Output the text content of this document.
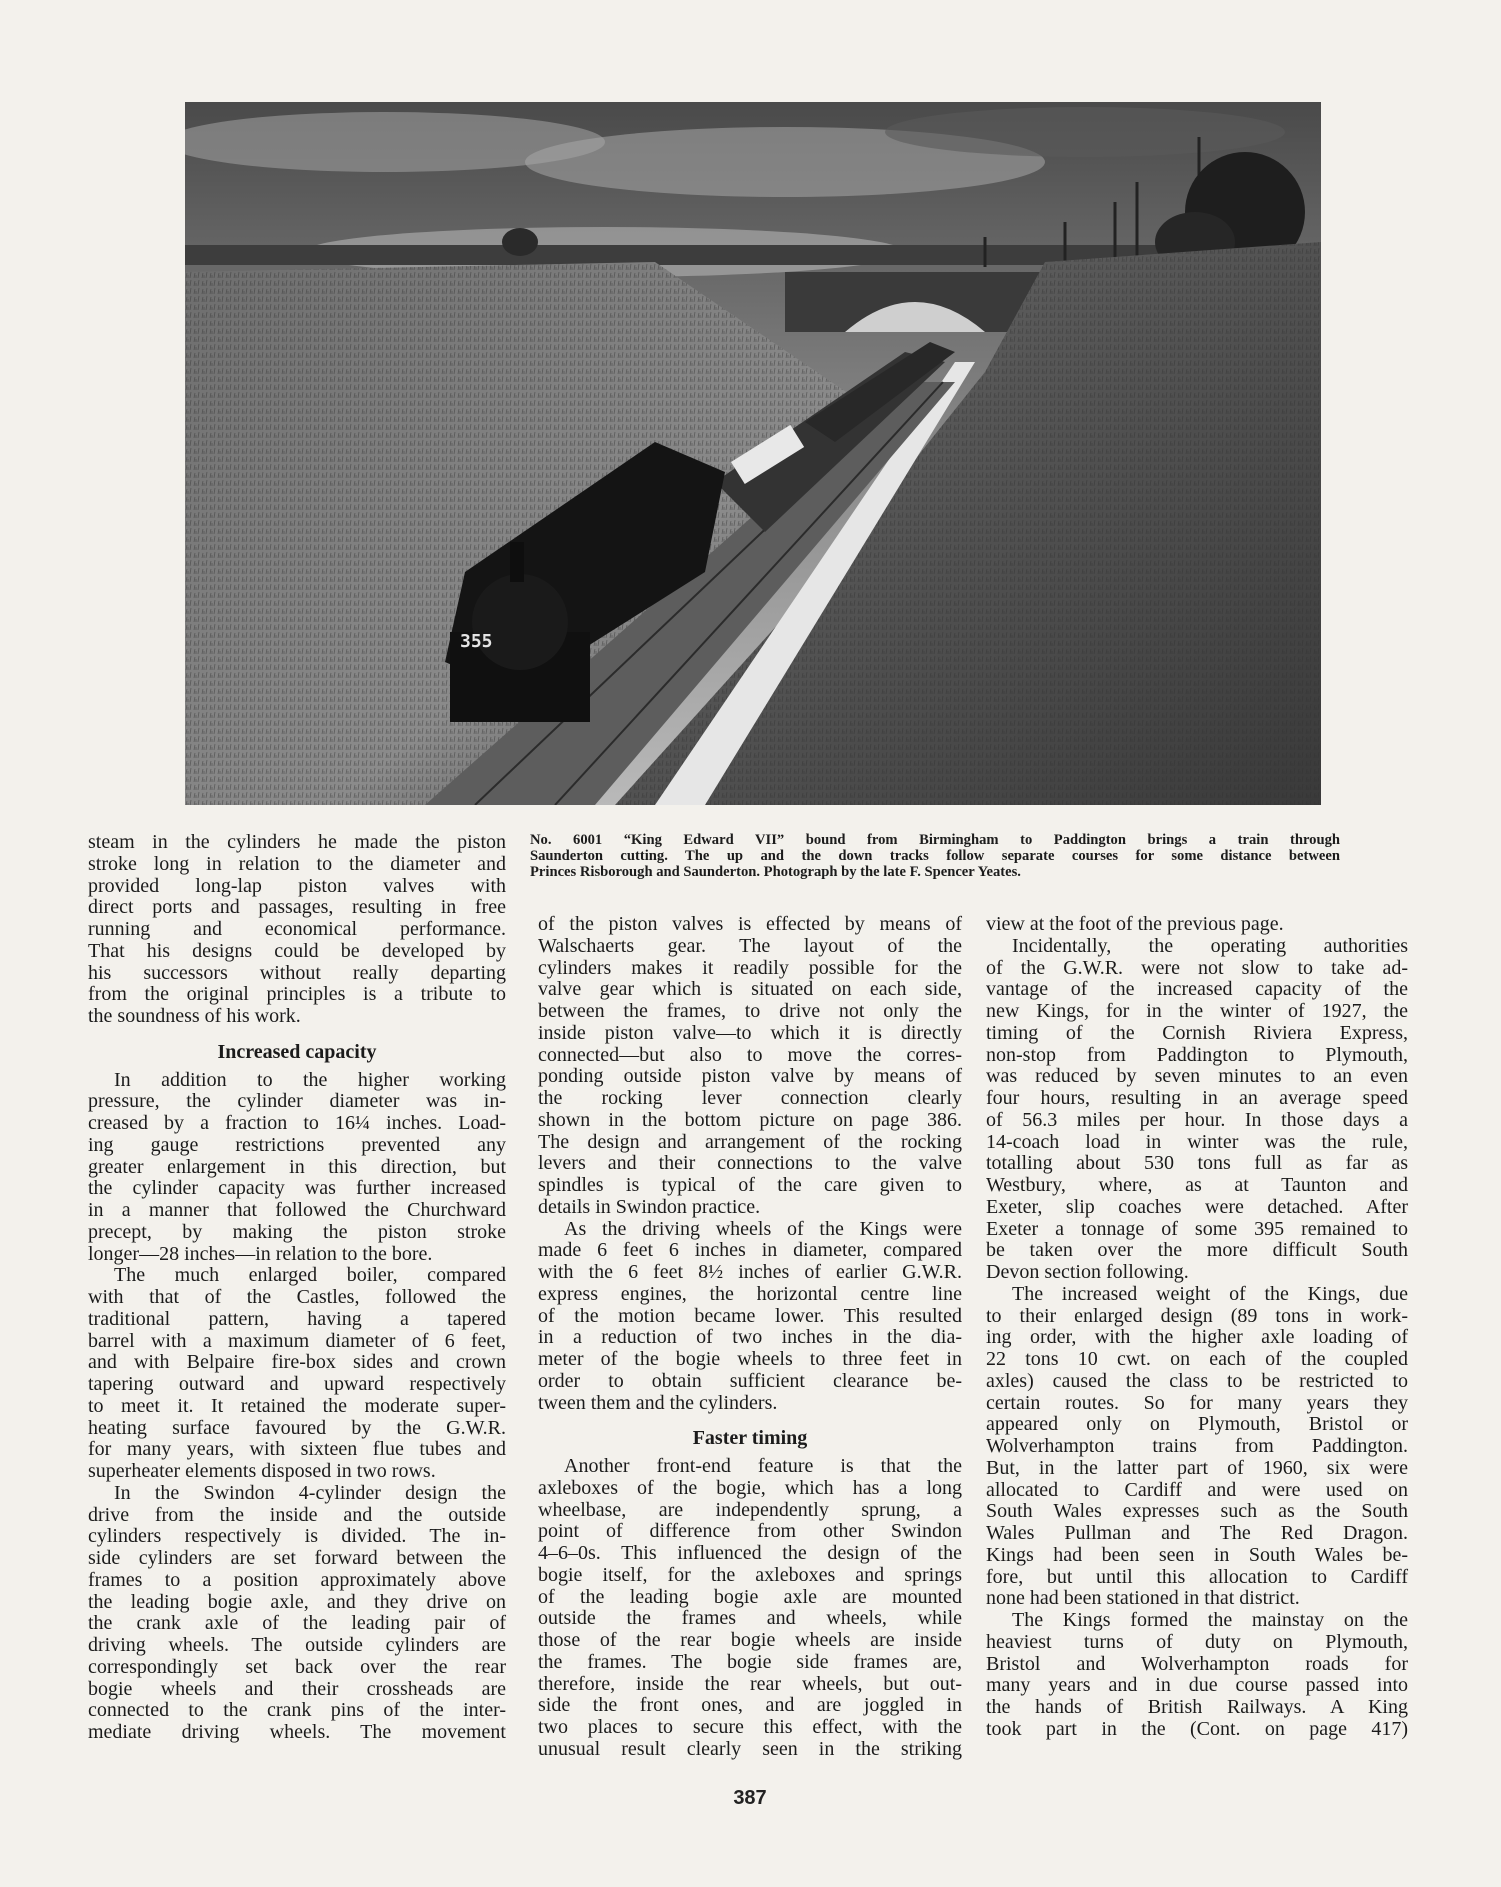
355
No. 6001 “King Edward VII” bound from Birmingham to Paddington brings a train through
Saunderton cutting. The up and the down tracks follow separate courses for some distance between
Princes Risborough and Saunderton. Photograph by the late F. Spencer Yeates.
steam in the cylinders he made the piston
stroke long in relation to the diameter and
provided long-lap piston valves with
direct ports and passages, resulting in free
running and economical performance.
That his designs could be developed by
his successors without really departing
from the original principles is a tribute to
the soundness of his work.
Increased capacity
In addition to the higher working
pressure, the cylinder diameter was in-
creased by a fraction to 16¼ inches. Load-
ing gauge restrictions prevented any
greater enlargement in this direction, but
the cylinder capacity was further increased
in a manner that followed the Churchward
precept, by making the piston stroke
longer—28 inches—in relation to the bore.
The much enlarged boiler, compared
with that of the Castles, followed the
traditional pattern, having a tapered
barrel with a maximum diameter of 6 feet,
and with Belpaire fire-box sides and crown
tapering outward and upward respectively
to meet it. It retained the moderate super-
heating surface favoured by the G.W.R.
for many years, with sixteen flue tubes and
superheater elements disposed in two rows.
In the Swindon 4-cylinder design the
drive from the inside and the outside
cylinders respectively is divided. The in-
side cylinders are set forward between the
frames to a position approximately above
the leading bogie axle, and they drive on
the crank axle of the leading pair of
driving wheels. The outside cylinders are
correspondingly set back over the rear
bogie wheels and their crossheads are
connected to the crank pins of the inter-
mediate driving wheels. The movement
of the piston valves is effected by means of
Walschaerts gear. The layout of the
cylinders makes it readily possible for the
valve gear which is situated on each side,
between the frames, to drive not only the
inside piston valve—to which it is directly
connected—but also to move the corres-
ponding outside piston valve by means of
the rocking lever connection clearly
shown in the bottom picture on page 386.
The design and arrangement of the rocking
levers and their connections to the valve
spindles is typical of the care given to
details in Swindon practice.
As the driving wheels of the Kings were
made 6 feet 6 inches in diameter, compared
with the 6 feet 8½ inches of earlier G.W.R.
express engines, the horizontal centre line
of the motion became lower. This resulted
in a reduction of two inches in the dia-
meter of the bogie wheels to three feet in
order to obtain sufficient clearance be-
tween them and the cylinders.
Faster timing
Another front-end feature is that the
axleboxes of the bogie, which has a long
wheelbase, are independently sprung, a
point of difference from other Swindon
4–6–0s. This influenced the design of the
bogie itself, for the axleboxes and springs
of the leading bogie axle are mounted
outside the frames and wheels, while
those of the rear bogie wheels are inside
the frames. The bogie side frames are,
therefore, inside the rear wheels, but out-
side the front ones, and are joggled in
two places to secure this effect, with the
unusual result clearly seen in the striking
view at the foot of the previous page.
Incidentally, the operating authorities
of the G.W.R. were not slow to take ad-
vantage of the increased capacity of the
new Kings, for in the winter of 1927, the
timing of the Cornish Riviera Express,
non-stop from Paddington to Plymouth,
was reduced by seven minutes to an even
four hours, resulting in an average speed
of 56.3 miles per hour. In those days a
14-coach load in winter was the rule,
totalling about 530 tons full as far as
Westbury, where, as at Taunton and
Exeter, slip coaches were detached. After
Exeter a tonnage of some 395 remained to
be taken over the more difficult South
Devon section following.
The increased weight of the Kings, due
to their enlarged design (89 tons in work-
ing order, with the higher axle loading of
22 tons 10 cwt. on each of the coupled
axles) caused the class to be restricted to
certain routes. So for many years they
appeared only on Plymouth, Bristol or
Wolverhampton trains from Paddington.
But, in the latter part of 1960, six were
allocated to Cardiff and were used on
South Wales expresses such as the South
Wales Pullman and The Red Dragon.
Kings had been seen in South Wales be-
fore, but until this allocation to Cardiff
none had been stationed in that district.
The Kings formed the mainstay on the
heaviest turns of duty on Plymouth,
Bristol and Wolverhampton roads for
many years and in due course passed into
the hands of British Railways. A King
took part in the (Cont. on page 417)
387
